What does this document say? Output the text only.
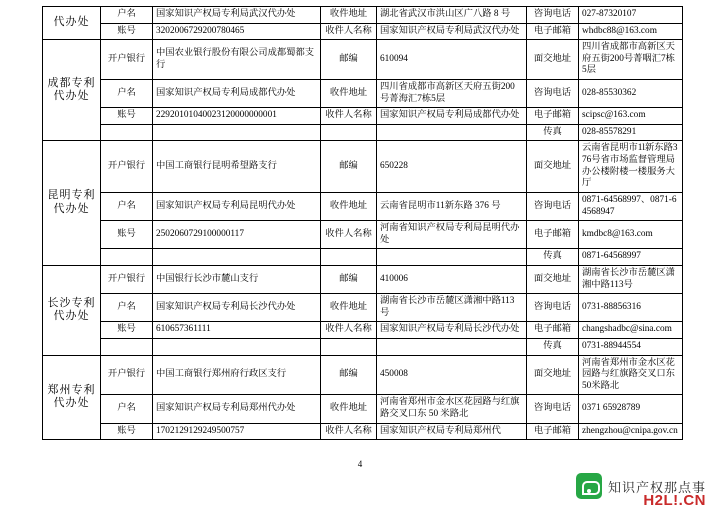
代办处	户名	国家知识产权局专利局武汉代办处	收件地址	湖北省武汉市洪山区广八路 8 号	咨询电话	027-87320107
	账号	3202006729200780465	收件人名称	国家知识产权局专利局武汉代办处	电子邮箱	whdbc88@163.com
成都专利代办处	开户银行	中国农业银行股份有限公司成都蜀都支行	邮编	610094	面交地址	四川省成都市高新区天府五街200号菁咽汇7栋5层
	户名	国家知识产权局专利局成都代办处	收件地址	四川省成都市高新区天府五街200号菁海汇7栋5层	咨询电话	028-85530362
	账号	22920101040023120000000001	收件人名称	国家知识产权局专利局成都代办处	电子邮箱	scipsc@163.com
					传真	028-85578291
昆明专利代办处	开户银行	中国工商银行昆明希望路支行	邮编	650228	面交地址	云南省昆明市1l新东路376号省市场监督管理局办公楼附楼一楼服务大厅
	户名	国家知识产权局专利局昆明代办处	收件地址	云南省昆明市11新东路 376 号	咨询电话	0871-64568997、0871-64568947
	账号	2502060729100000117	收件人名称	河南省知识产权局专利局昆明代办处	电子邮箱	kmdbc8@163.com
					传真	0871-64568997
长沙专利代办处	开户银行	中国银行长沙市麓山支行	邮编	410006	面交地址	湖南省长沙市岳麓区潇湘中路113号
	户名	国家知识产权局专利局长沙代办处	收件地址	湖南省长沙市岳麓区潇湘中路113 号	咨询电话	0731-88856316
	账号	610657361111	收件人名称	国家知识产权局专利局长沙代办处	电子邮箱	changshadbc@sina.com
					传真	0731-88944554
郑州专利代办处	开户银行	中国工商银行郑州府行政区支行	邮编	450008	面交地址	河南省郑州市金水区花园路与红旗路交叉口东50米路北
	户名	国家知识产权局专利局郑州代办处	收件地址	河南省郑州市金水区花园路与红旗路交叉口东 50 米路北	咨询电话	0371 65928789
	账号	1702129129249500757	收件人名称	国家知识产权局专利局郑州代	电子邮箱	zhengzhou@cnipa.gov.cn
4
知识产权那点事
H2L!.CN
